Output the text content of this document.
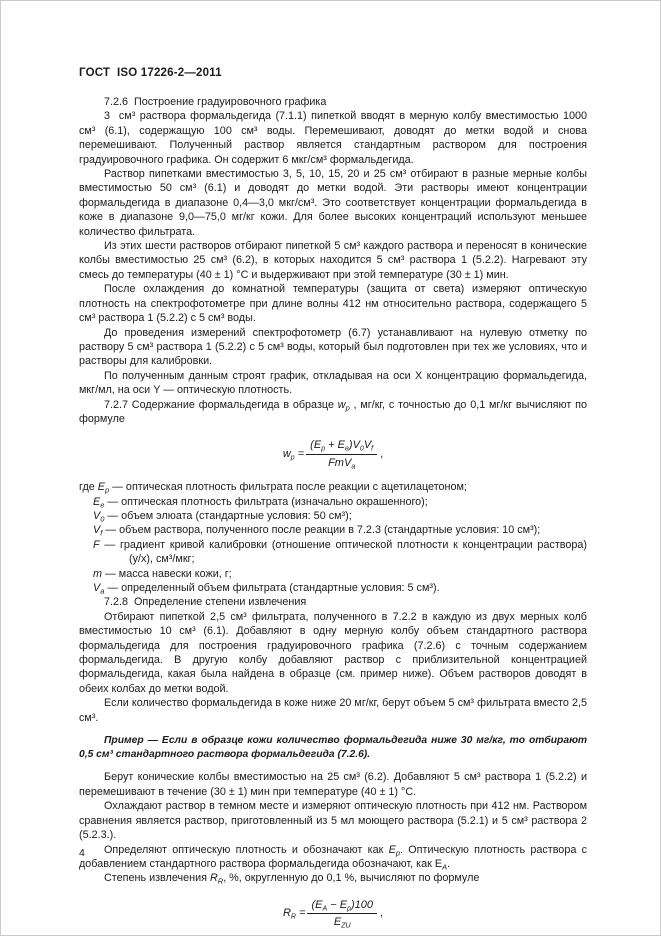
ГОСТ  ISO 17226-2—2011

7.2.6  Построение градуировочного графика

3  см³ раствора формальдегида (7.1.1) пипеткой вводят в мерную колбу вместимостью 1000 см³ (6.1), содержащую 100 см³ воды. Перемешивают, доводят до метки водой и снова перемешивают. Полученный раствор является стандартным раствором для построения градуировочного графика. Он содержит 6 мкг/см³ формальдегида.

Раствор пипетками вместимостью 3, 5, 10, 15, 20 и 25 см³ отбирают в разные мерные колбы вместимостью 50 см³ (6.1) и доводят до метки водой. Эти растворы имеют концентрации формальдегида в диапазоне 0,4—3,0 мкг/см³. Это соответствует концентрации формальдегида в коже в диапазоне 9,0—75,0 мг/кг кожи. Для более высоких концентраций используют меньшее количество фильтрата.

Из этих шести растворов отбирают пипеткой 5 см³ каждого раствора и переносят в конические колбы вместимостью 25 см³ (6.2), в которых находится 5 см³ раствора 1 (5.2.2). Нагревают эту смесь до температуры (40 ± 1) °С и выдерживают при этой температуре (30 ± 1) мин.

После охлаждения до комнатной температуры (защита от света) измеряют оптическую плотность на спектрофотометре при длине волны 412 нм относительно раствора, содержащего 5 см³ раствора 1 (5.2.2) с 5 см³ воды.

До проведения измерений спектрофотометр (6.7) устанавливают на нулевую отметку по раствору 5 см³ раствора 1 (5.2.2) с 5 см³ воды, который был подготовлен при тех же условиях, что и растворы для калибровки.

По полученным данным строят график, откладывая на оси X концентрацию формальдегида, мкг/мл, на оси Y — оптическую плотность.

7.2.7 Содержание формальдегида в образце $w_p$ , мг/кг, с точностью до 0,1 мг/кг вычисляют по формуле

$w_p = \frac{(E_p + E_e)V_0V_f}{FmV_a}$ ,

где $E_p$ — оптическая плотность фильтрата после реакции с ацетилацетоном;

$E_e$ — оптическая плотность фильтрата (изначально окрашенного);

$V_0$ — объем элюата (стандартные условия: 50 см³);

$V_f$ — объем раствора, полученного после реакции в 7.2.3 (стандартные условия: 10 см³);

F — градиент кривой калибровки (отношение оптической плотности к концентрации раствора) (y/x), см³/мкг;

m — масса навески кожи, г;

$V_a$ — определенный объем фильтрата (стандартные условия: 5 см³).

7.2.8  Определение степени извлечения

Отбирают пипеткой 2,5 см³ фильтрата, полученного в 7.2.2 в каждую из двух мерных колб вместимостью 10 см³ (6.1). Добавляют в одну мерную колбу объем стандартного раствора формальдегида для построения градуировочного графика (7.2.6) с точным содержанием формальдегида. В другую колбу добавляют раствор с приблизительной концентрацией формальдегида, какая была найдена в образце (см. пример ниже). Объем растворов доводят в обеих колбах до метки водой.

Если количество формальдегида в коже ниже 20 мг/кг, берут объем 5 см³ фильтрата вместо 2,5 см³.

Пример — Если в образце кожи количество формальдегида ниже 30 мг/кг, то отбирают 0,5 см³ стандартного раствора формальдегида (7.2.6).

Берут конические колбы вместимостью на 25 см³ (6.2). Добавляют 5 см³ раствора 1 (5.2.2) и перемешивают в течение (30 ± 1) мин при температуре (40 ± 1) °С.

Охлаждают раствор в темном месте и измеряют оптическую плотность при 412 нм. Раствором сравнения является раствор, приготовленный из 5 мл моющего раствора (5.2.1) и 5 см³ раствора 2 (5.2.3.).

Определяют оптическую плотность и обозначают как $E_p$. Оптическую плотность раствора с добавлением стандартного раствора формальдегида обозначают, как $E_A$.

Степень извлечения $R_R$, %, округленную до 0,1 %, вычисляют по формуле

$R_R = \frac{(E_A - E_p)100}{E_{ZU}}$ ,
4
